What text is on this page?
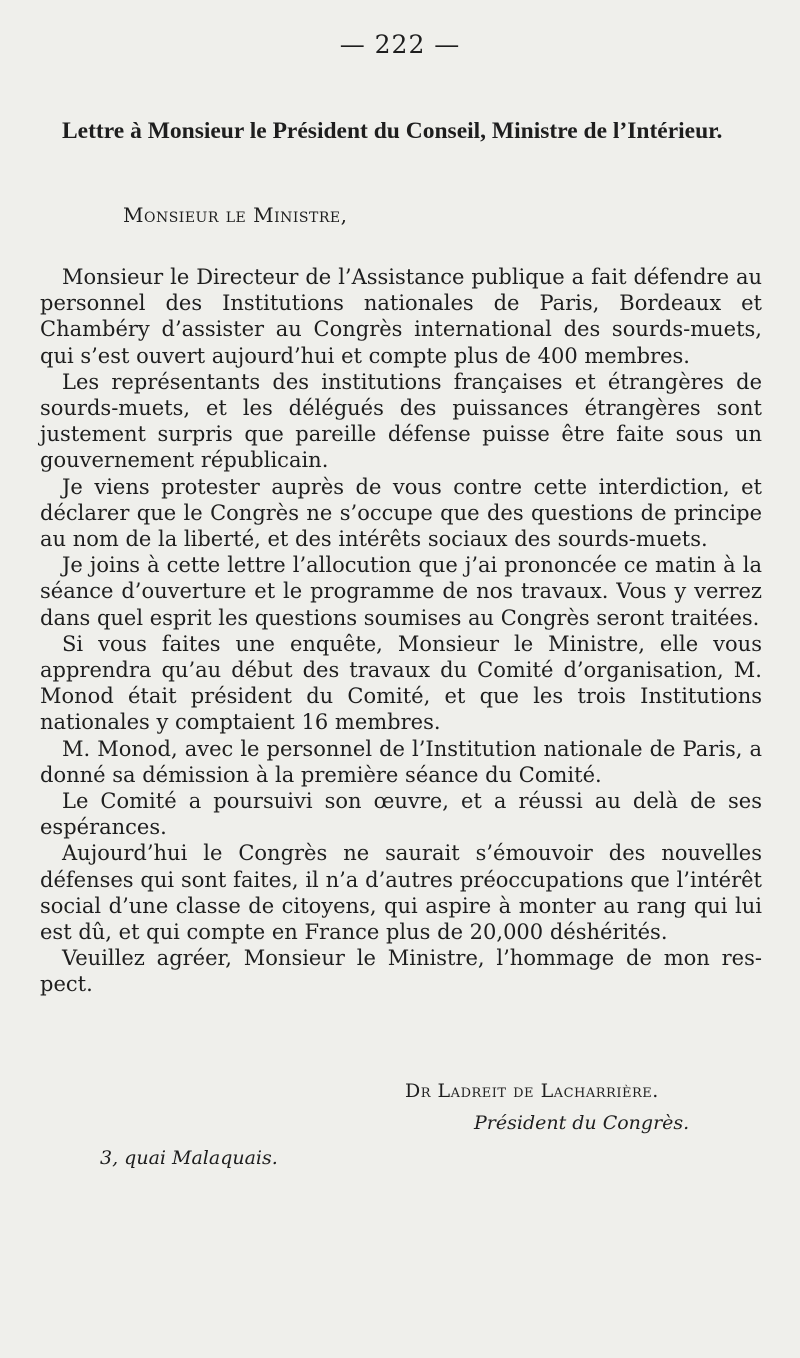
— 222 —
Lettre à Monsieur le Président du Conseil, Ministre de l’Intérieur.
Monsieur le Ministre,

Monsieur le Directeur de l’Assistance publique a fait défendre au personnel des Institutions nationales de Paris, Bordeaux et Chambéry d’assister au Congrès international des sourds-muets, qui s’est ouvert aujourd’hui et compte plus de 400 membres.

Les représentants des institutions françaises et étrangères de sourds-muets, et les délégués des puissances étrangères sont justement surpris que pareille défense puisse être faite sous un gouvernement républicain.

Je viens protester auprès de vous contre cette interdiction, et déclarer que le Congrès ne s’occupe que des questions de principe au nom de la liberté, et des intérêts sociaux des sourds-muets.

Je joins à cette lettre l’allocution que j’ai prononcée ce matin à la séance d’ouverture et le programme de nos travaux. Vous y verrez dans quel esprit les questions soumises au Congrès seront traitées.

Si vous faites une enquête, Monsieur le Ministre, elle vous apprendra qu’au début des travaux du Comité d’organisation, M. Monod était président du Comité, et que les trois Institutions nationales y comptaient 16 membres.

M. Monod, avec le personnel de l’Institution nationale de Paris, a donné sa démission à la première séance du Comité.

Le Comité a poursuivi son œuvre, et a réussi au delà de ses espérances.

Aujourd’hui le Congrès ne saurait s’émouvoir des nouvelles défenses qui sont faites, il n’a d’autres préoccupations que l’intérêt social d’une classe de citoyens, qui aspire à monter au rang qui lui est dû, et qui compte en France plus de 20,000 déshérités.

Veuillez agréer, Monsieur le Ministre, l’hommage de mon respect.

Dr Ladreit de Lacharrière.
Président du Congrès.
3, quai Malaquais.
